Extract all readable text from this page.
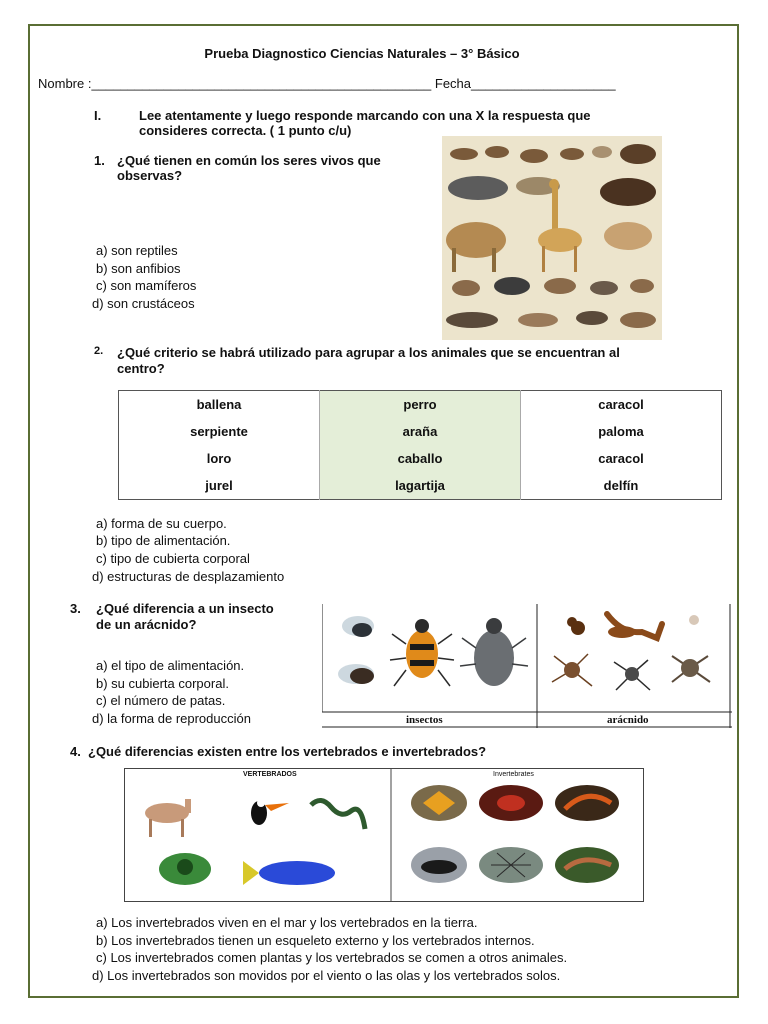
Prueba Diagnostico Ciencias Naturales – 3° Básico
Nombre :_______________________________________________ Fecha____________________
I.	Lee atentamente y luego responde marcando con una X la respuesta que
consideres correcta. ( 1 punto c/u)
1. ¿Qué tienen en común los seres vivos que
observas?
a) son reptiles
b) son anfibios
c) son mamíferos
d) son crustáceos
2. ¿Qué criterio se habrá utilizado para agrupar a los animales que se encuentran al
centro?
ballena	perro	caracol
serpiente	araña	paloma
loro	caballo	caracol
jurel	lagartija	delfín
a) forma de su cuerpo.
b) tipo de alimentación.
c) tipo de cubierta corporal
d) estructuras de desplazamiento
3. ¿Qué diferencia a un insecto
de un arácnido?
a) el tipo de alimentación.
b) su cubierta corporal.
c) el número de patas.
d) la forma de reproducción	insectos	arácnido
4. ¿Qué diferencias existen entre los vertebrados e invertebrados?
VERTEBRADOS	Invertebrates
a) Los invertebrados viven en el mar y los vertebrados en la tierra.
b) Los invertebrados tienen un esqueleto externo y los vertebrados internos.
c) Los invertebrados comen plantas y los vertebrados se comen a otros animales.
d) Los invertebrados son movidos por el viento o las olas y los vertebrados solos.
